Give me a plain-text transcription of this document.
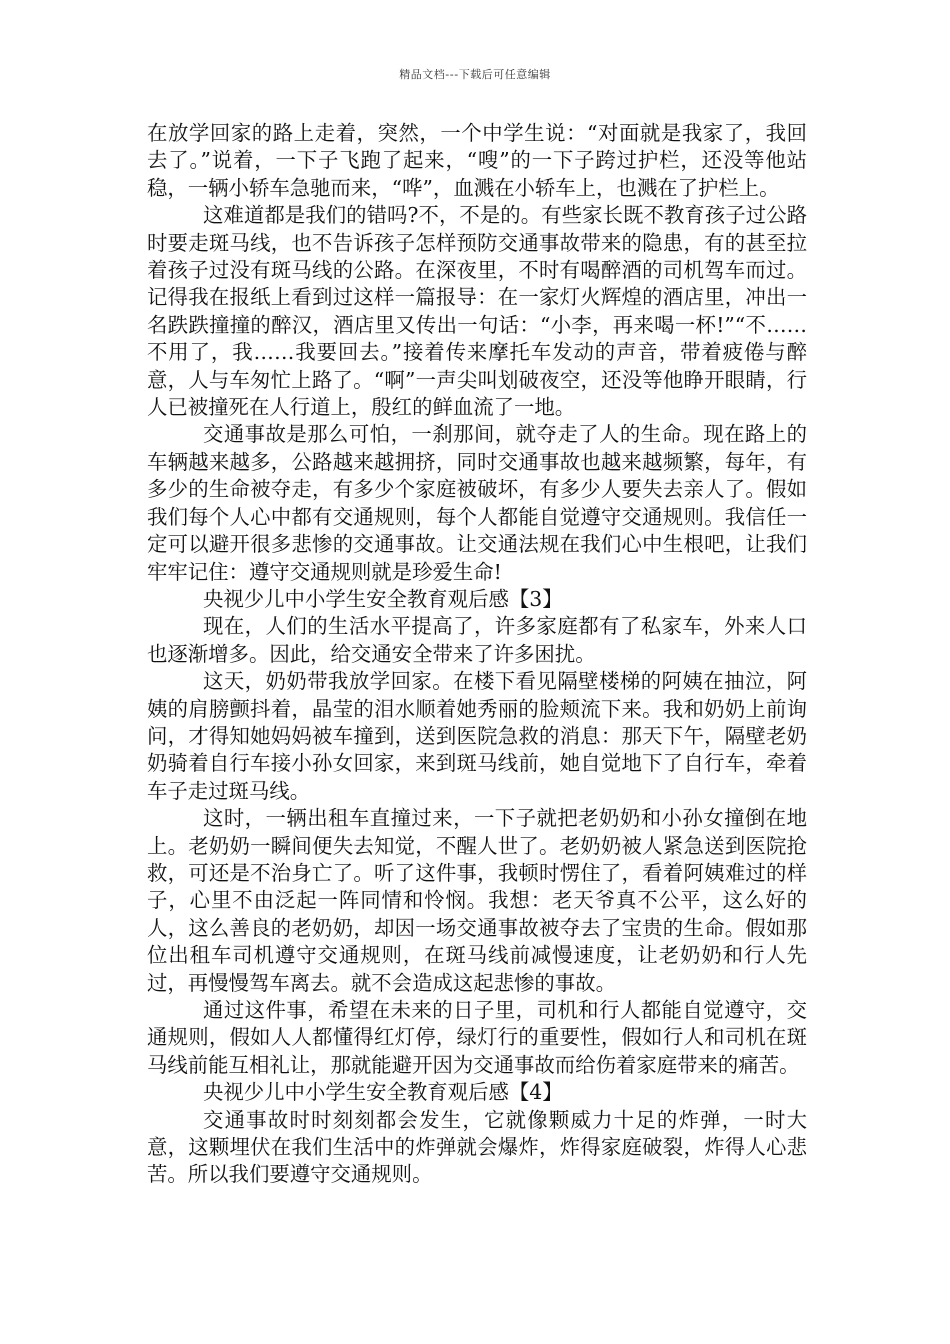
精品文档---下载后可任意编辑

在放学回家的路上走着，突然，一个中学生说：“对面就是我家了，我回去了。”说着，一下子飞跑了起来，“嗖”的一下子跨过护栏，还没等他站稳，一辆小轿车急驰而来，“哗”，血溅在小轿车上，也溅在了护栏上。

这难道都是我们的错吗?不，不是的。有些家长既不教育孩子过公路时要走斑马线，也不告诉孩子怎样预防交通事故带来的隐患，有的甚至拉着孩子过没有斑马线的公路。在深夜里，不时有喝醉酒的司机驾车而过。记得我在报纸上看到过这样一篇报导：在一家灯火辉煌的酒店里，冲出一名跌跌撞撞的醉汉，酒店里又传出一句话：“小李，再来喝一杯!”“不……不用了，我……我要回去。”接着传来摩托车发动的声音，带着疲倦与醉意，人与车匆忙上路了。“啊”一声尖叫划破夜空，还没等他睁开眼睛，行人已被撞死在人行道上，殷红的鲜血流了一地。

交通事故是那么可怕，一刹那间，就夺走了人的生命。现在路上的车辆越来越多，公路越来越拥挤，同时交通事故也越来越频繁，每年，有多少的生命被夺走，有多少个家庭被破坏，有多少人要失去亲人了。假如我们每个人心中都有交通规则，每个人都能自觉遵守交通规则。我信任一定可以避开很多悲惨的交通事故。让交通法规在我们心中生根吧，让我们牢牢记住：遵守交通规则就是珍爱生命!

央视少儿中小学生安全教育观后感【3】

现在，人们的生活水平提高了，许多家庭都有了私家车，外来人口也逐渐增多。因此，给交通安全带来了许多困扰。

这天，奶奶带我放学回家。在楼下看见隔壁楼梯的阿姨在抽泣，阿姨的肩膀颤抖着，晶莹的泪水顺着她秀丽的脸颊流下来。我和奶奶上前询问，才得知她妈妈被车撞到，送到医院急救的消息：那天下午，隔壁老奶奶骑着自行车接小孙女回家，来到斑马线前，她自觉地下了自行车，牵着车子走过斑马线。

这时，一辆出租车直撞过来，一下子就把老奶奶和小孙女撞倒在地上。老奶奶一瞬间便失去知觉，不醒人世了。老奶奶被人紧急送到医院抢救，可还是不治身亡了。听了这件事，我顿时愣住了，看着阿姨难过的样子，心里不由泛起一阵同情和怜悯。我想：老天爷真不公平，这么好的人，这么善良的老奶奶，却因一场交通事故被夺去了宝贵的生命。假如那位出租车司机遵守交通规则，在斑马线前减慢速度，让老奶奶和行人先过，再慢慢驾车离去。就不会造成这起悲惨的事故。

通过这件事，希望在未来的日子里，司机和行人都能自觉遵守，交通规则，假如人人都懂得红灯停，绿灯行的重要性，假如行人和司机在斑马线前能互相礼让，那就能避开因为交通事故而给伤着家庭带来的痛苦。

央视少儿中小学生安全教育观后感【4】

交通事故时时刻刻都会发生，它就像颗威力十足的炸弹，一时大意，这颗埋伏在我们生活中的炸弹就会爆炸，炸得家庭破裂，炸得人心悲苦。所以我们要遵守交通规则。
